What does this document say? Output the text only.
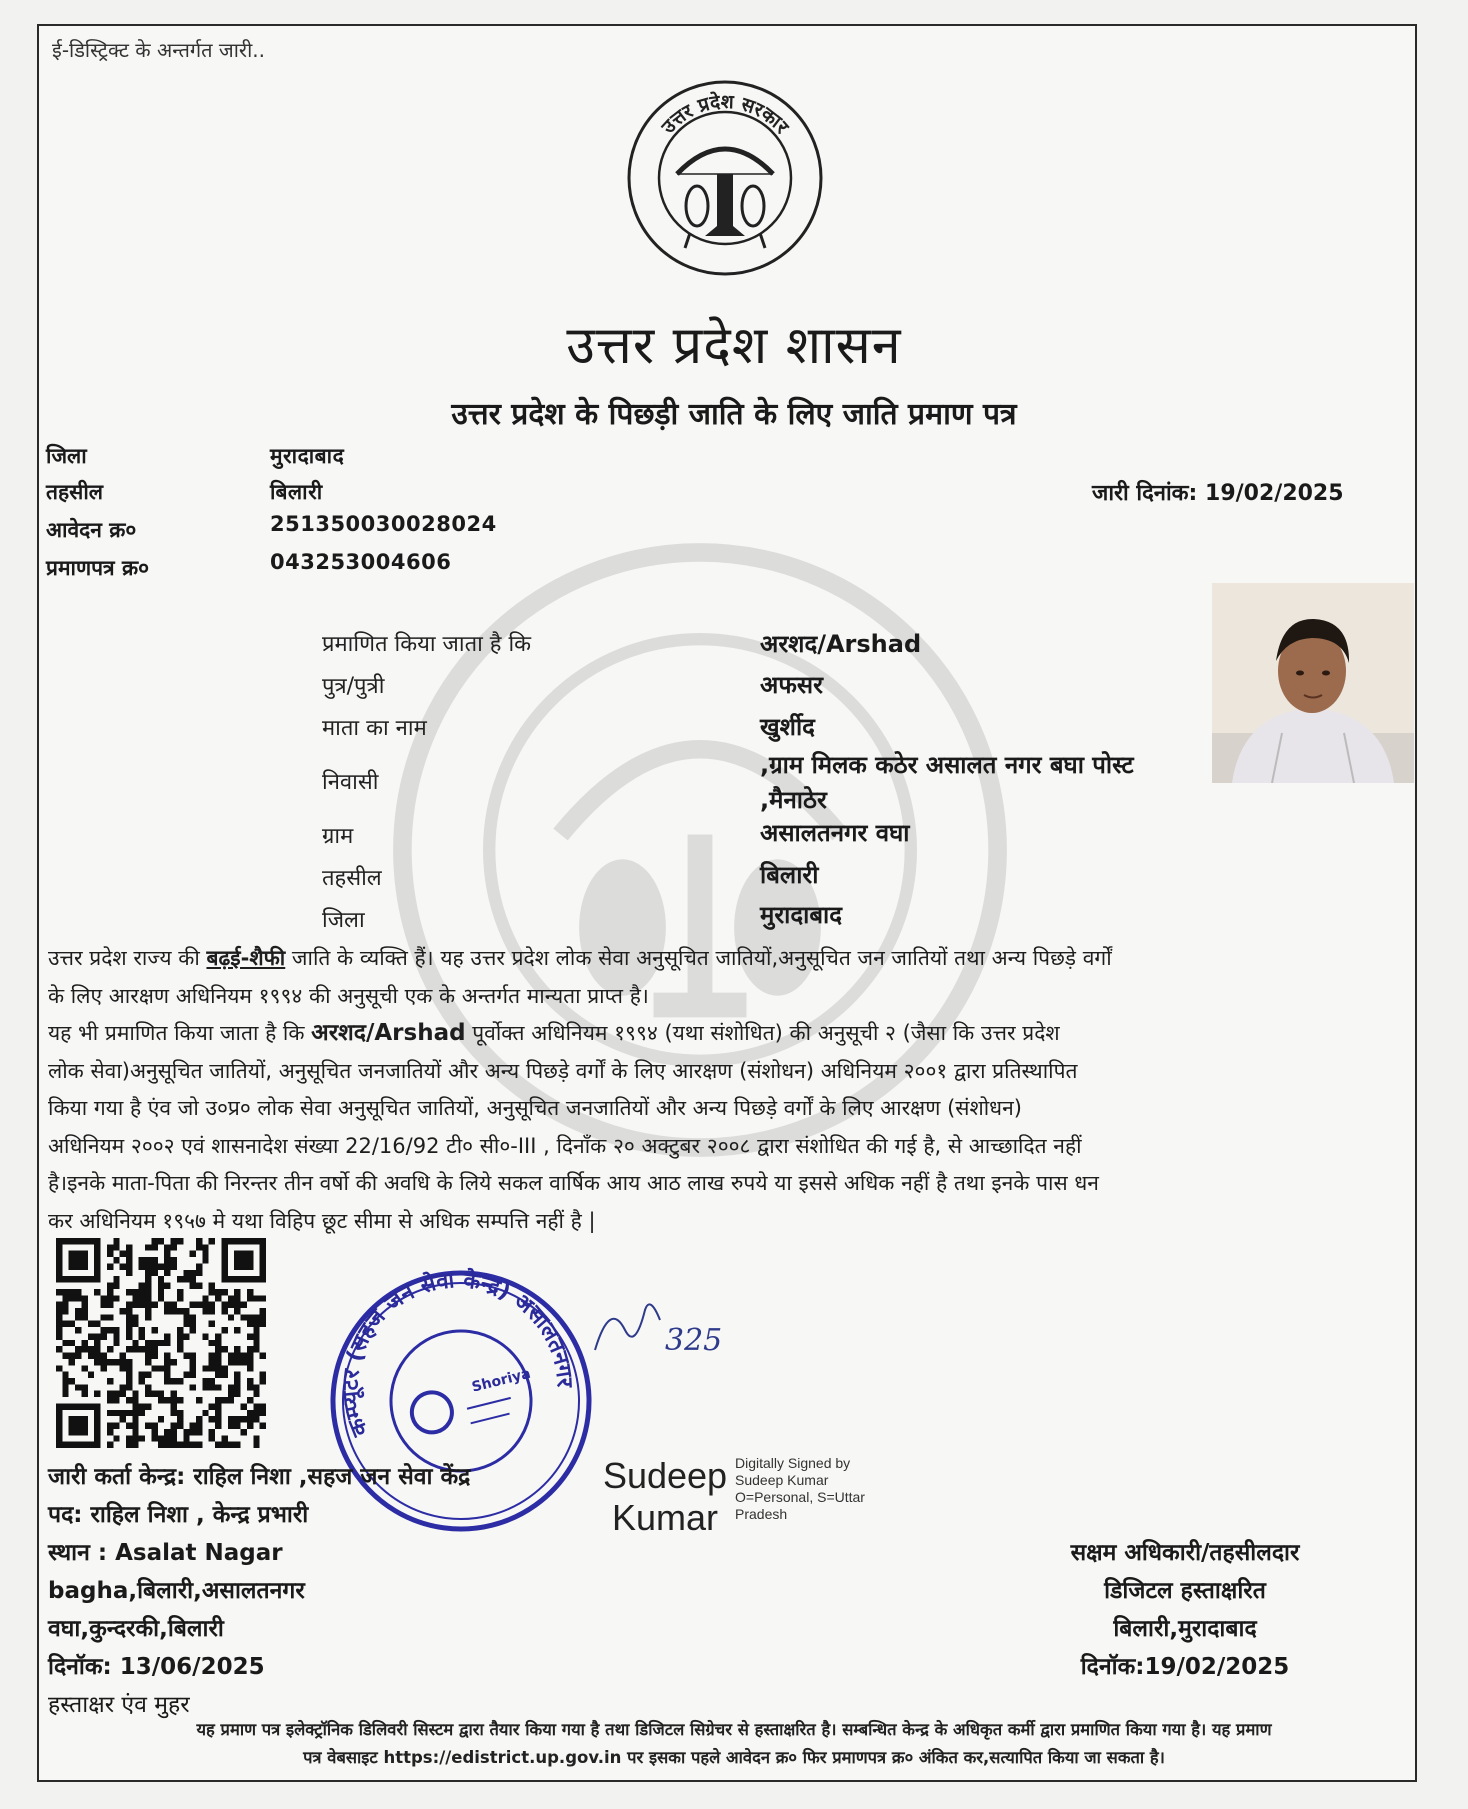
ई-डिस्ट्रिक्ट के अन्तर्गत जारी..
उत्तर प्रदेश सरकार
उत्तर प्रदेश शासन
उत्तर प्रदेश के पिछड़ी जाति के लिए जाति प्रमाण पत्र
जिला	मुरादाबाद
तहसील	बिलारी
आवेदन क्र०	251350030028024
प्रमाणपत्र क्र०	043253004606
जारी दिनांक: 19/02/2025
प्रमाणित किया जाता है कि	अरशद/Arshad
पुत्र/पुत्री	अफसर
माता का नाम	खुर्शीद
निवासी
,ग्राम मिलक कठेर असालत नगर बघा पोस्ट
,मैनाठेर
ग्राम	असालतनगर वघा
तहसील	बिलारी
जिला	मुरादाबाद
उत्तर प्रदेश राज्य की बढ़ई-शैफी जाति के व्यक्ति हैं। यह उत्तर प्रदेश लोक सेवा अनुसूचित जातियों,अनुसूचित जन जातियों तथा अन्य पिछड़े वर्गों
के लिए आरक्षण अधिनियम १९९४ की अनुसूची एक के अन्तर्गत मान्यता प्राप्त है।
यह भी प्रमाणित किया जाता है कि अरशद/Arshad पूर्वोक्त अधिनियम १९९४ (यथा संशोधित) की अनुसूची २ (जैसा कि उत्तर प्रदेश
लोक सेवा)अनुसूचित जातियों, अनुसूचित जनजातियों और अन्य पिछड़े वर्गों के लिए आरक्षण (संशोधन) अधिनियम २००१ द्वारा प्रतिस्थापित
किया गया है एंव जो उ०प्र० लोक सेवा अनुसूचित जातियों, अनुसूचित जनजातियों और अन्य पिछड़े वर्गों के लिए आरक्षण (संशोधन)
अधिनियम २००२ एवं शासनादेश संख्या 22/16/92 टी० सी०-III , दिनाँक २० अक्टुबर २००८ द्वारा संशोधित की गई है, से आच्छादित नहीं
है।इनके माता-पिता की निरन्तर तीन वर्षो की अवधि के लिये सकल वार्षिक आय आठ लाख रुपये या इससे अधिक नहीं है तथा इनके पास धन
कर अधिनियम १९५७ मे यथा विहिप छूट सीमा से अधिक सम्पत्ति नहीं है |
कम्प्यूटर (सहज जन सेवा केन्द्र) असालतनगर
Shoriya
325
Sudeep
Kumar
Digitally Signed by
Sudeep Kumar
O=Personal, S=Uttar
Pradesh
जारी कर्ता केन्द्र: राहिल निशा ,सहज जन सेवा केंद्र
पद: राहिल निशा , केन्द्र प्रभारी
स्थान : Asalat Nagar
bagha,बिलारी,असालतनगर
वघा,कुन्दरकी,बिलारी
दिनॉक: 13/06/2025
हस्ताक्षर एंव मुहर
सक्षम अधिकारी/तहसीलदार
डिजिटल हस्ताक्षरित
बिलारी,मुरादाबाद
दिनॉक:19/02/2025
यह प्रमाण पत्र इलेक्ट्रॉनिक डिलिवरी सिस्टम द्वारा तैयार किया गया है तथा डिजिटल सिग्रेचर से हस्ताक्षरित है। सम्बन्धित केन्द्र के अधिकृत कर्मी द्वारा प्रमाणित किया गया है। यह प्रमाण
पत्र वेबसाइट https://edistrict.up.gov.in पर इसका पहले आवेदन क्र० फिर प्रमाणपत्र क्र० अंकित कर,सत्यापित किया जा सकता है।
